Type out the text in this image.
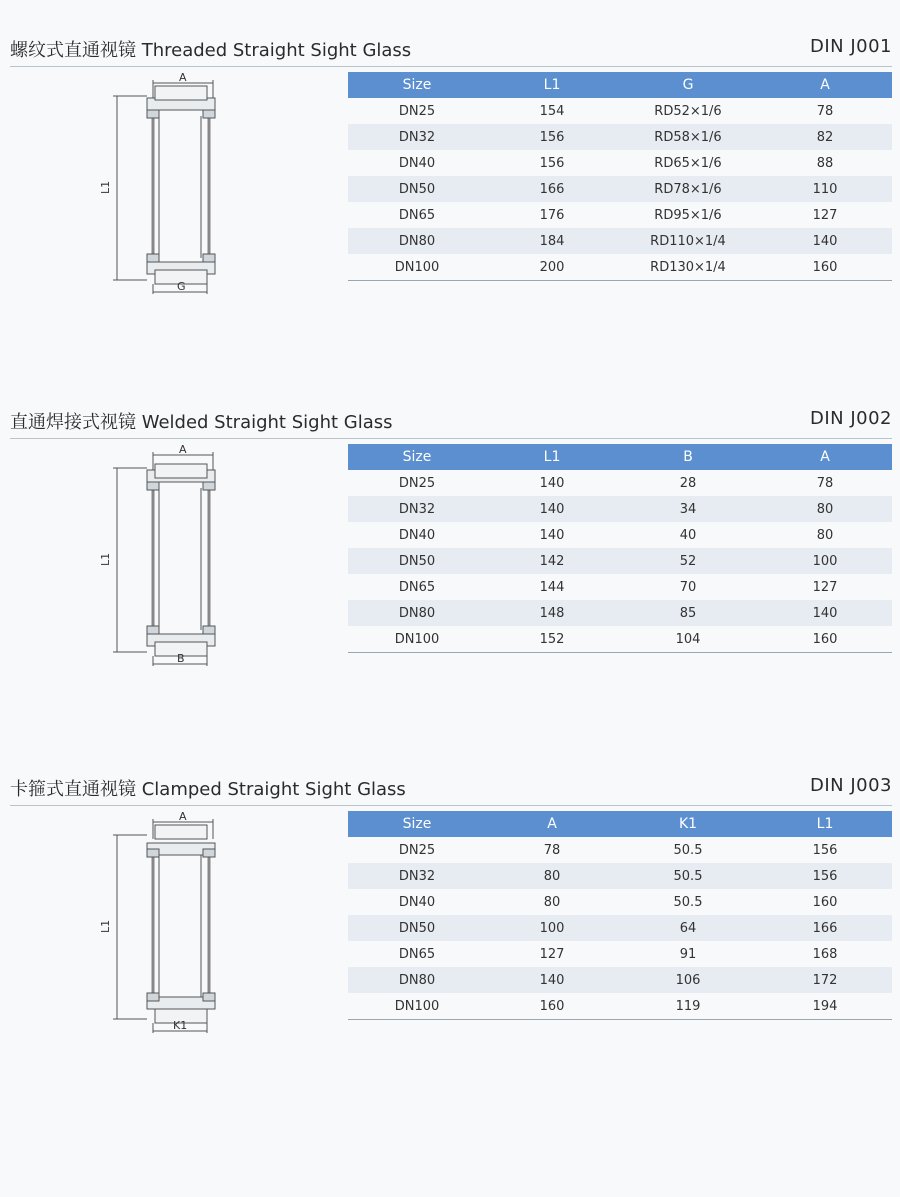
螺纹式直通视镜 Threaded Straight Sight Glass	DIN J001
A
L1
G
Size	L1	G	A
DN25	154	RD52×1/6	78
DN32	156	RD58×1/6	82
DN40	156	RD65×1/6	88
DN50	166	RD78×1/6	110
DN65	176	RD95×1/6	127
DN80	184	RD110×1/4	140
DN100	200	RD130×1/4	160
直通焊接式视镜 Welded Straight Sight Glass	DIN J002
A
L1
B
Size	L1	B	A
DN25	140	28	78
DN32	140	34	80
DN40	140	40	80
DN50	142	52	100
DN65	144	70	127
DN80	148	85	140
DN100	152	104	160
卡箍式直通视镜 Clamped Straight Sight Glass	DIN J003
A
L1
K1
Size	A	K1	L1
DN25	78	50.5	156
DN32	80	50.5	156
DN40	80	50.5	160
DN50	100	64	166
DN65	127	91	168
DN80	140	106	172
DN100	160	119	194
